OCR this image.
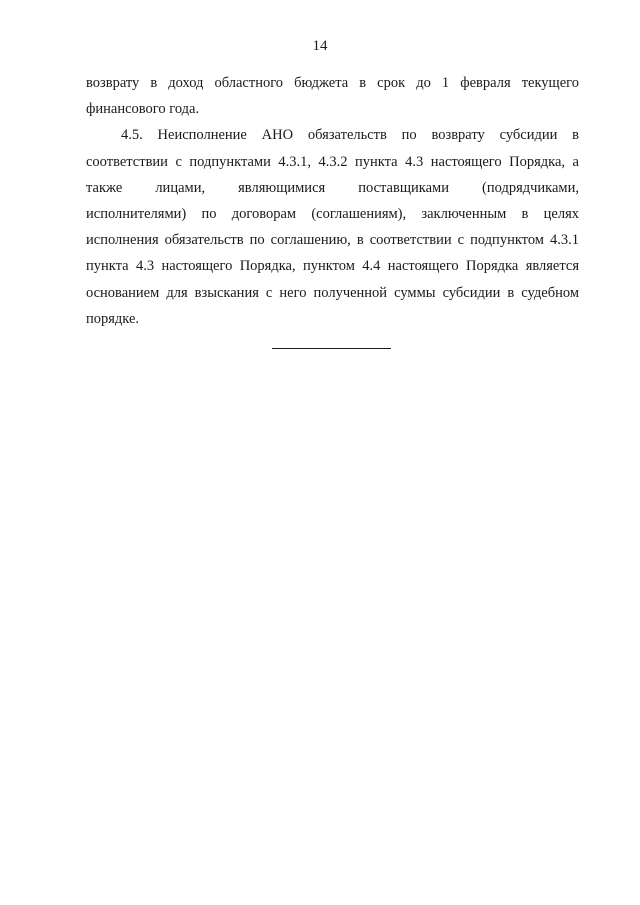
14
возврату в доход областного бюджета в срок до 1 февраля текущего
финансового года.
4.5. Неисполнение АНО обязательств по возврату субсидии в
соответствии с подпунктами 4.3.1, 4.3.2 пункта 4.3 настоящего Порядка, а
также лицами, являющимися поставщиками (подрядчиками,
исполнителями) по договорам (соглашениям), заключенным в целях
исполнения обязательств по соглашению, в соответствии с подпунктом 4.3.1
пункта 4.3 настоящего Порядка, пунктом 4.4 настоящего Порядка является
основанием для взыскания с него полученной суммы субсидии в судебном
порядке.
